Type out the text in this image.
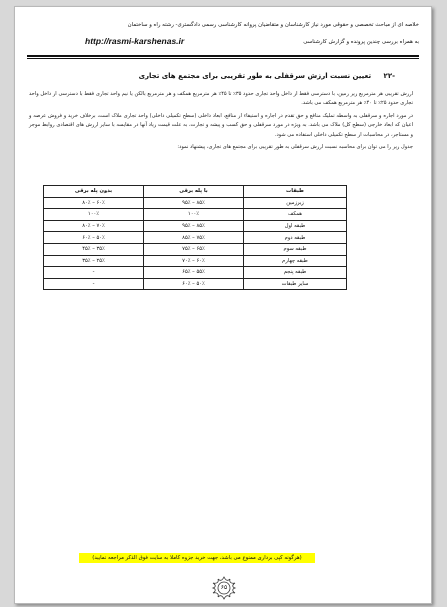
خلاصه ای از مباحث تخصصی و حقوقی مورد نیاز کارشناسان و متقاضیان پروانه کارشناسی رسمی دادگستری- رشته راه و ساختمان
به همراه بررسی چندین پرونده و گزارش کارشناسی
http://rasmi-karshenas.ir
-۲۲ تعیین نسبت ارزش سرقفلی به طور تقریبی برای مجتمع های تجاری

ارزش تقریبی هر مترمربع زیر زمین، با دسترسی فقط از داخل واحد تجاری حدود ۳۵٪ تا ۴۵٪ هر مترمربع همکف و هر مترمربع بالکن یا نیم واحد تجاری فقط با دسترسی از داخل واحد تجاری حدود ۲۵٪ تا ۴۰٪ هر مترمربع همکف می باشد.

در مورد اجاره و سرقفلی به واسطه تملیک منافع و حق تقدم در اجاره و استیفاء از منافع، ابعاد داخلی (سطح تکمیلی داخلی) واحد تجاری ملاک است، برخلاف خرید و فروش عرصه و اعیان که ابعاد خارجی (سطح کل) ملاک می باشد. به ویژه در مورد سرقفلی و حق کسب و پیشه و تجارت، به علت قیمت زیاد آنها در مقایسه با سایر ارزش های اقتصادی روابط موجر و مستاجر، در محاسبات از سطح تکمیلی داخلی استفاده می شود.

جدول زیر را می توان برای محاسبه نسبت ارزش سرقفلی به طور تقریبی برای مجتمع های تجاری، پیشنهاد نمود:

طبقات	با پله برقی	بدون پله برقی
زیرزمین	۸۵٪ – ۹۵٪	۶۰٪ – ۸۰٪
همکف	۱۰۰٪	۱۰۰٪
طبقه اول	۸۵٪ – ۹۵٪	۷۰٪ – ۸۰٪
طبقه دوم	۷۵٪ – ۸۵٪	۵۰٪ – ۶۰٪
طبقه سوم	۶۵٪ – ۷۵٪	۳۵٪ – ۴۵٪
طبقه چهارم	۶۰٪ – ۷۰٪	۲۵٪ – ۳۵٪
طبقه پنجم	۵۵٪ – ۶۵٪	-
سایر طبقات	۵۰٪ – ۶۰٪	-
(هرگونه کپی برداری ممنوع می باشد، جهت خرید جزوه کاملا به سایت فوق الذکر مراجعه نمایید)
۶۵
